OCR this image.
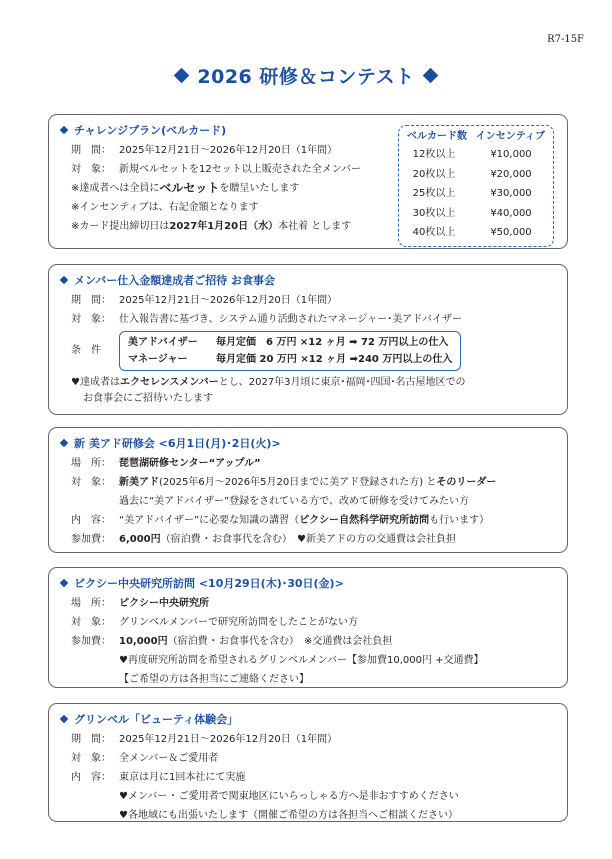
R7-15F
2026 研修＆コンテスト
チャレンジプラン(ベルカード)
期　間： 2025年12月21日〜2026年12月20日（1年間）
対　象： 新規ベルセットを12セット以上販売された全メンバー
※達成者へは全員に ベルセット を贈呈いたします
※インセンティブは、右記金額となります
※カード提出締切日は 2027年1月20日（水） 本社着 とします
ベルカード数 インセンティブ
12枚以上	¥10,000
20枚以上	¥20,000
25枚以上	¥30,000
30枚以上	¥40,000
40枚以上	¥50,000
メンバー仕入金額達成者ご招待 お食事会
期　間： 2025年12月21日〜2026年12月20日（1年間）
対　象： 仕入報告書に基づき、システム通り活動されたマネージャー･美アドバイザー
条　件
美アドバイザー	毎月定価　6 万円 ×12 ヶ月 ➡ 72 万円以上の仕入
マネージャー	毎月定価 20 万円 ×12 ヶ月 ➡240 万円以上の仕入
♥達成者は エクセレンスメンバー とし、2027年3月頃に東京･福岡･四国･名古屋地区での
お食事会にご招待いたします
新 美アド研修会 <6月1日(月)･2日(火)>
場　所： 琵琶湖研修センター“アップル”
対　象： 新美アド(2025年6月〜2026年5月20日までに美アド登録された方) とそのリーダー
過去に“美アドバイザー”登録をされている方で、改めて研修を受けてみたい方
内　容： “美アドバイザー”に必要な知識の講習（ピクシー自然科学研究所訪問も行います）
参加費： 6,000円（宿泊費 ･ お食事代を含む）　♥新美アドの方の交通費は会社負担
ピクシー中央研究所訪問 <10月29日(木)･30日(金)>
場　所： ピクシー中央研究所
対　象： グリンベルメンバーで研究所訪問をしたことがない方
参加費： 10,000円（宿泊費 ･ お食事代を含む）　※交通費は会社負担
♥再度研究所訪問を希望されるグリンベルメンバー【参加費10,000円 +交通費】
【ご希望の方は各担当にご連絡ください】
グリンベル「ビューティ体験会」
期　間： 2025年12月21日〜2026年12月20日（1年間）
対　象： 全メンバー＆ご愛用者
内　容： 東京は月に1回本社にて実施
♥メンバー ･ ご愛用者で関東地区にいらっしゃる方へ是非おすすめください
♥各地域にも出張いたします（開催ご希望の方は各担当へご相談ください）
